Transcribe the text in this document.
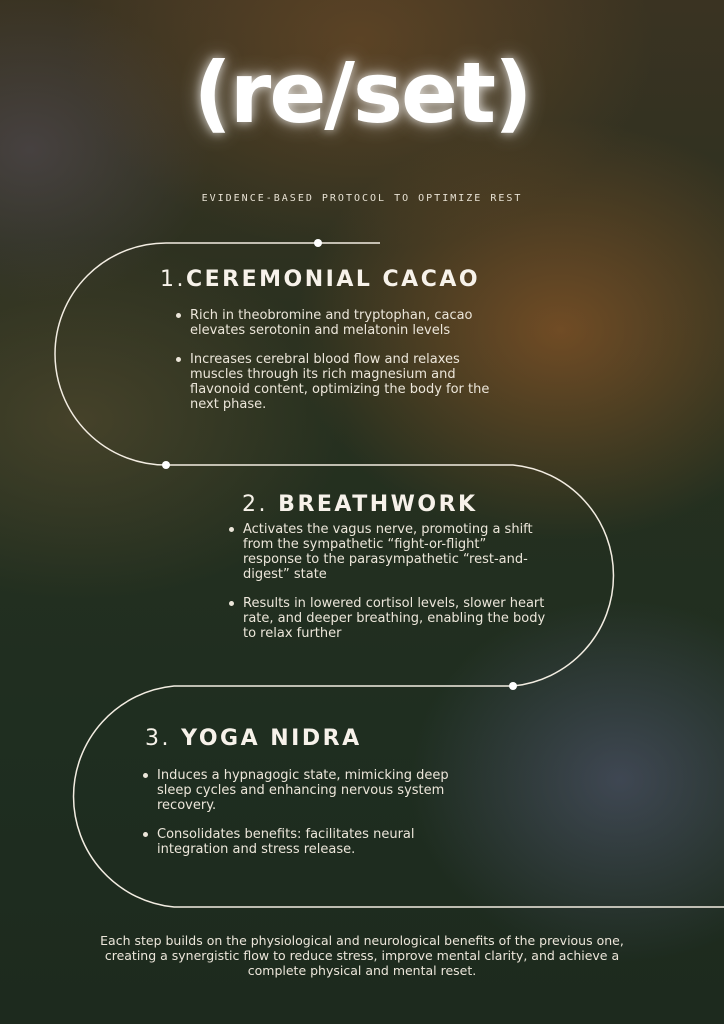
(re/set)

EVIDENCE-BASED PROTOCOL TO OPTIMIZE REST

1.CEREMONIAL CACAO
Rich in theobromine and tryptophan, cacao elevates serotonin and melatonin levels
Increases cerebral blood flow and relaxes muscles through its rich magnesium and flavonoid content, optimizing the body for the next phase.
2. BREATHWORK
Activates the vagus nerve, promoting a shift from the sympathetic “fight-or-flight” response to the parasympathetic “rest-and-digest” state
Results in lowered cortisol levels, slower heart rate, and deeper breathing, enabling the body to relax further
3. YOGA NIDRA
Induces a hypnagogic state, mimicking deep sleep cycles and enhancing nervous system recovery.
Consolidates benefits: facilitates neural integration and stress release.

Each step builds on the physiological and neurological benefits of the previous one, creating a synergistic flow to reduce stress, improve mental clarity, and achieve a complete physical and mental reset.
